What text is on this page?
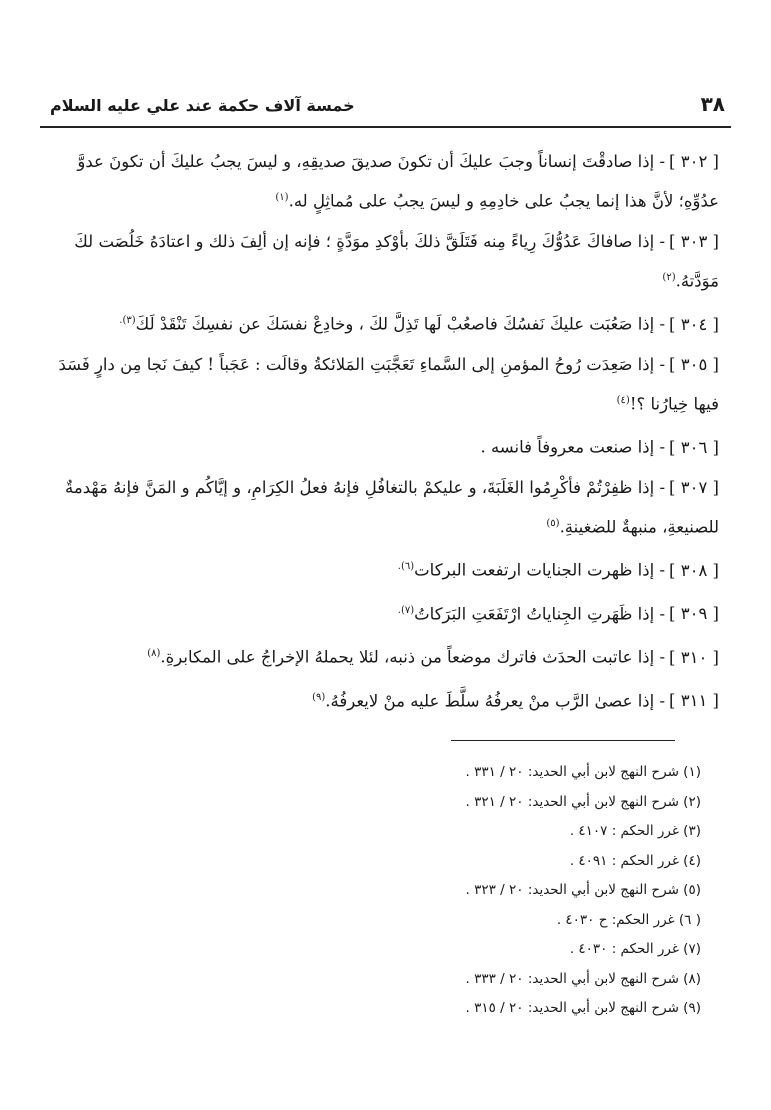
٣٨
خمسة آلاف حكمة عند علي عليه السلام

[ ٣٠٢ ]- إذا صادقْتَ إنساناً وجبَ عليكَ أن تكونَ صديقَ صديقِهِ، و ليسَ يجبُ عليكَ أن تكونَ عدوَّ عدُوِّهِ؛ لأنَّ هذا إنما يجبُ على خادِمِهِ و ليسَ يجبُ على مُماثِلٍ له.$^{(١)}$

[ ٣٠٣ ]- إذا صافاكَ عَدُوُّكَ رِياءً مِنه فَتَلَقَّ ذلكَ بأوْكدِ موَدَّةٍ ؛ فإنه إن ألِفَ ذلك و اعتادَهُ خَلُصَت لكَ مَوَدَّتهُ.$^{(٢)}$

[ ٣٠٤ ]- إذا صَعُبَت عليكَ نَفسُكَ فاصعُبْ لَها تَذِلَّ لكَ ، وخادِعْ نفسَكَ عن نفسِكَ تَنْقَدْ لَكَ$^{(٣).}$

[ ٣٠٥ ]- إذا صَعِدَت رُوحُ المؤمنِ إلى السَّماءِ تَعَجَّبَتِ المَلائكةُ وقالَت : عَجَباً ! كيفَ نَجا مِن دارٍ فَسَدَ فيها خِيارُنا ؟!$^{(٤)}$

[ ٣٠٦ ]- إذا صنعت معروفاً فانسه .

[ ٣٠٧ ]- إذا ظفِرْتُمْ فأكْرِمُوا الغَلَبَةَ، و عليكمْ بالتغافُلِ فإنهُ فعلُ الكِرَامِ، و إيَّاكُم و المَنَّ فإنهُ مَهْدمةٌ للصنيعةِ، منبهةٌ للضغينةِ.$^{(٥)}$

[ ٣٠٨ ]- إذا ظهرت الجنايات ارتفعت البركات$^{(٦).}$

[ ٣٠٩ ]- إذا ظَهَرتِ الجِناياتُ ارْتَفَعَتِ البَرَكاتُ$^{(٧).}$

[ ٣١٠ ]- إذا عاتبت الحدَث فاترك موضعاً من ذنبه، لئلا يحملهُ الإخراجُ على المكابرةِ.$^{(٨)}$

[ ٣١١ ]- إذا عصىٰ الرَّب منْ يعرفُهُ سلَّطَ عليه منْ لايعرفُهُ.$^{(٩)}$

(١) شرح النهج لابن أبي الحديد: ٢٠ / ٣٣١ .
(٢) شرح النهج لابن أبي الحديد: ٢٠ / ٣٢١ .
(٣) غرر الحكم : ٤١٠٧ .
(٤) غرر الحكم : ٤٠٩١ .
(٥) شرح النهج لابن أبي الحديد: ٢٠ / ٣٢٣ .
( ٦) غرر الحكم: ح ٤٠٣٠ .
(٧) غرر الحكم : ٤٠٣٠ .
(٨) شرح النهج لابن أبي الحديد: ٢٠ / ٣٣٣ .
(٩) شرح النهج لابن أبي الحديد: ٢٠ / ٣١٥ .
